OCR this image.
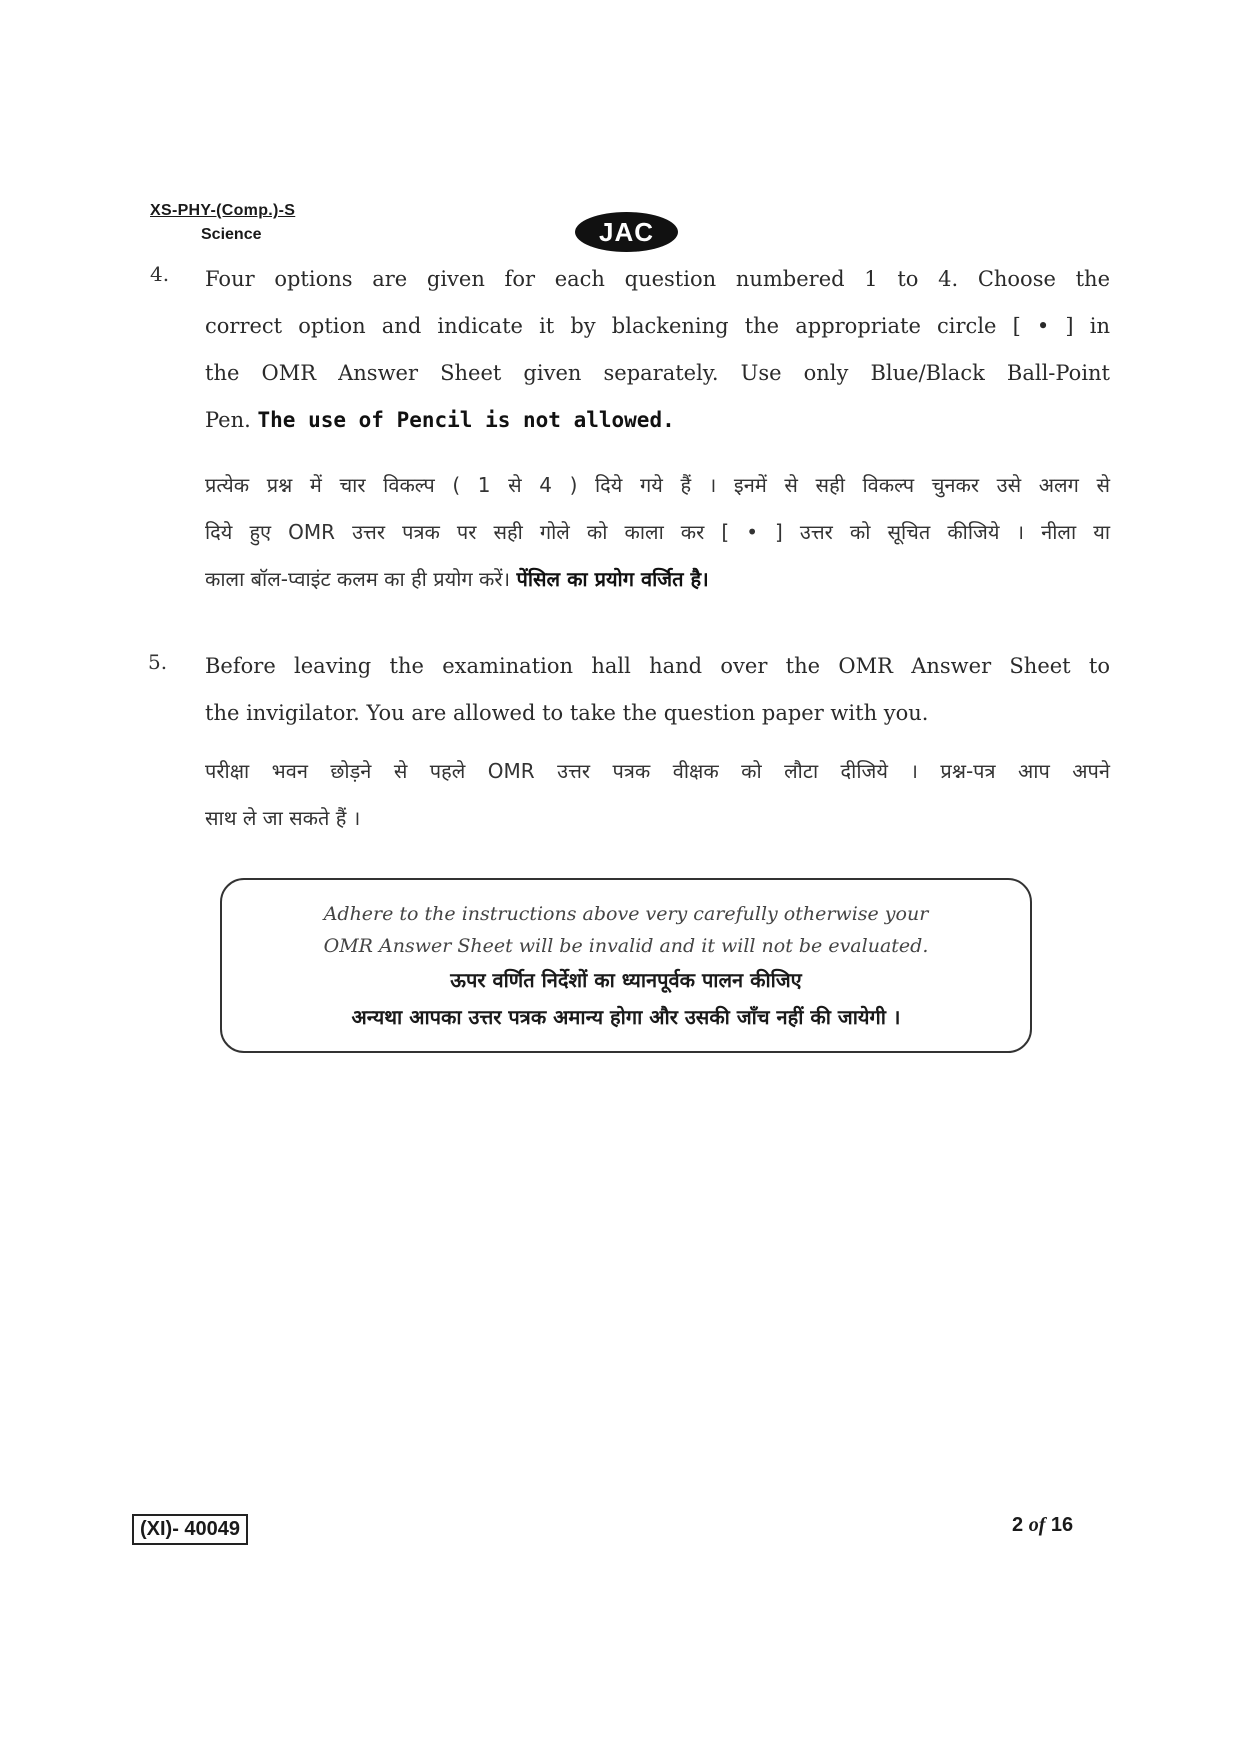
XS-PHY-(Comp.)-S
Science	JAC
4. Four options are given for each question numbered 1 to 4. Choose the
correct option and indicate it by blackening the appropriate circle [ • ] in
the OMR Answer Sheet given separately. Use only Blue/Black Ball-Point
Pen. The use of Pencil is not allowed.
प्रत्येक प्रश्न में चार विकल्प ( 1 से 4 ) दिये गये हैं । इनमें से सही विकल्प चुनकर उसे अलग से
दिये हुए OMR उत्तर पत्रक पर सही गोले को काला कर [ • ] उत्तर को सूचित कीजिये । नीला या
काला बॉल-प्वाइंट कलम का ही प्रयोग करें। पेंसिल का प्रयोग वर्जित है।
5. Before leaving the examination hall hand over the OMR Answer Sheet to
the invigilator. You are allowed to take the question paper with you.
परीक्षा भवन छोड़ने से पहले OMR उत्तर पत्रक वीक्षक को लौटा दीजिये । प्रश्न-पत्र आप अपने
साथ ले जा सकते हैं ।
Adhere to the instructions above very carefully otherwise your
OMR Answer Sheet will be invalid and it will not be evaluated.
ऊपर वर्णित निर्देशों का ध्यानपूर्वक पालन कीजिए
अन्यथा आपका उत्तर पत्रक अमान्य होगा और उसकी जाँच नहीं की जायेगी ।
(XI)- 40049	2 of 16
